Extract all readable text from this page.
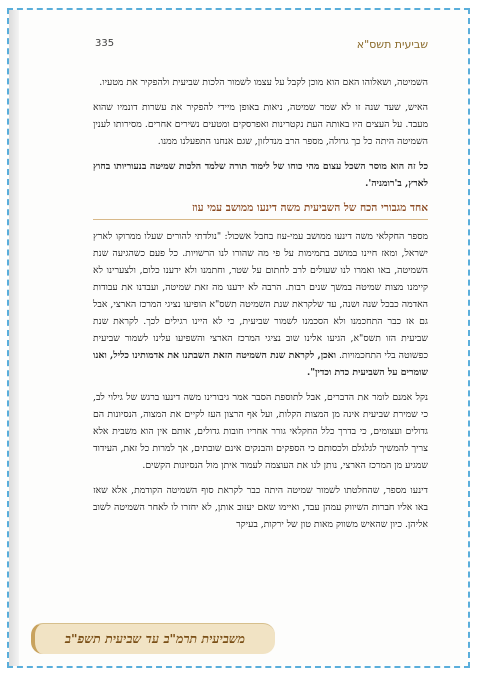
שביעית תשס"א
335

השמיטה, ושאלוהו האם הוא מוכן לקבל על עצמו לשמור הלכות שביעית ולהפקיר את מטעיו.

האיש, שעד שנה זו לא שמר שמיטה, ניאות באופן מיידי להפקיר את עשרות דונמיו שהוא מעבד. על העצים היו באותה העת נקטרינות ואפרסקים ומטעים נשירים אחרים. מסירותו לענין השמיטה היתה כל כך גדולה, מספר הרב מנדלזון, שגם אנחנו התפעלנו ממנו.

כל זה הוא מוסר השכל עצום מהי כוחו של לימוד תורה שלמד הלכות שמיטה בנעוריותו בחוץ לארץ, ב'רומניה'.

אחד מגבורי הכח של השביעית משה דינעו ממושב עמי עוז

מספר החקלאי משה דינעו ממושב עמי-עוז בחבל אשכול: "נולדתי להורים שעלו ממרוקו לארץ ישראל, ומאז חיינו במושב בתמימות על פי מה שהורו לנו הרשויות. כל פעם כשהגיעה שנת השמיטה, באו ואמרו לנו שעולים לרב לחתום על שטר, וחתמנו ולא ידענו כלום, ולצערינו לא קיימנו מצות שמיטה במשך שנים רבות. הרבה לא ידענו מה זאת שמיטה, ועבדנו את עבודות האדמה כבכל שנה ושנה, עד שלקראת שנת השמיטה תשס"א הופיעו נציגי המרכז הארצי, אבל גם אז כבר התחכמנו ולא הסכמנו לשמור שביעית, כי לא היינו רגילים לכך. לקראת שנת שביעית הזו תשס"א, הגיעו אלינו שוב נציגי המרכז הארצי והשפיעו עלינו לשמור שביעית כפשוטה בלי התחכמויות. ואכן, לקראת שנת השמיטה הזאת השבתנו את אדמותינו כליל, ואנו שומרים על השביעית כדת וכדין".

נקל אמנם לומר את הדברים, אבל לתוספת הסבר אמר גיבורינו משה דינעו ברגש של גילוי לב, כי שמירת שביעית אינה מן המצות הקלות, ועל אף הרצון העז לקיים את המצוה, הנסיונות הם גדולים ועצומים, כי בדרך כלל החקלאי גורר אחריו חובות גדולים, אותם אין הוא משבית אלא צריך להמשיך לגלגלם ולכסותם כי הספקים והבנקים אינם שובתים, אך למרות כל זאת, העידוד שמגיע מן המרכז הארצי, נותן לנו את העוצמה לעמוד איתן מול הנסיונות הקשים.

דינעו מספר, שהחלטתו לשמור שמיטה היתה כבר לקראת סוף השמיטה הקודמת, אלא שאז באו אליו חברות השיווק עמהן עבד, ואיימו שאם יעזוב אותן, לא יחזרו לו לאחר השמיטה לשוב אליהן. כיון שהאיש משווק מאות טון של ירקות, בעיקר

משביעית תרמ"ב עד שביעית תשפ"ב
